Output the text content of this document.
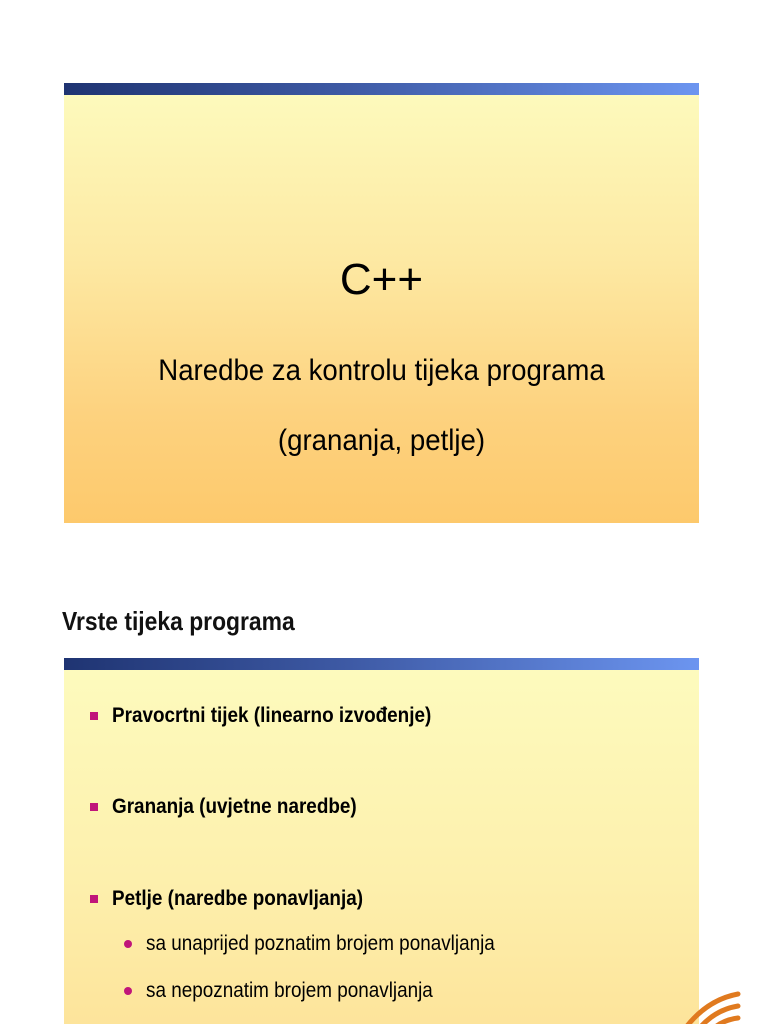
C++
Naredbe za kontrolu tijeka programa
(grananja, petlje)
Vrste tijeka programa
Pravocrtni tijek (linearno izvođenje)
Grananja (uvjetne naredbe)
Petlje (naredbe ponavljanja)
sa unaprijed poznatim brojem ponavljanja
sa nepoznatim brojem ponavljanja
